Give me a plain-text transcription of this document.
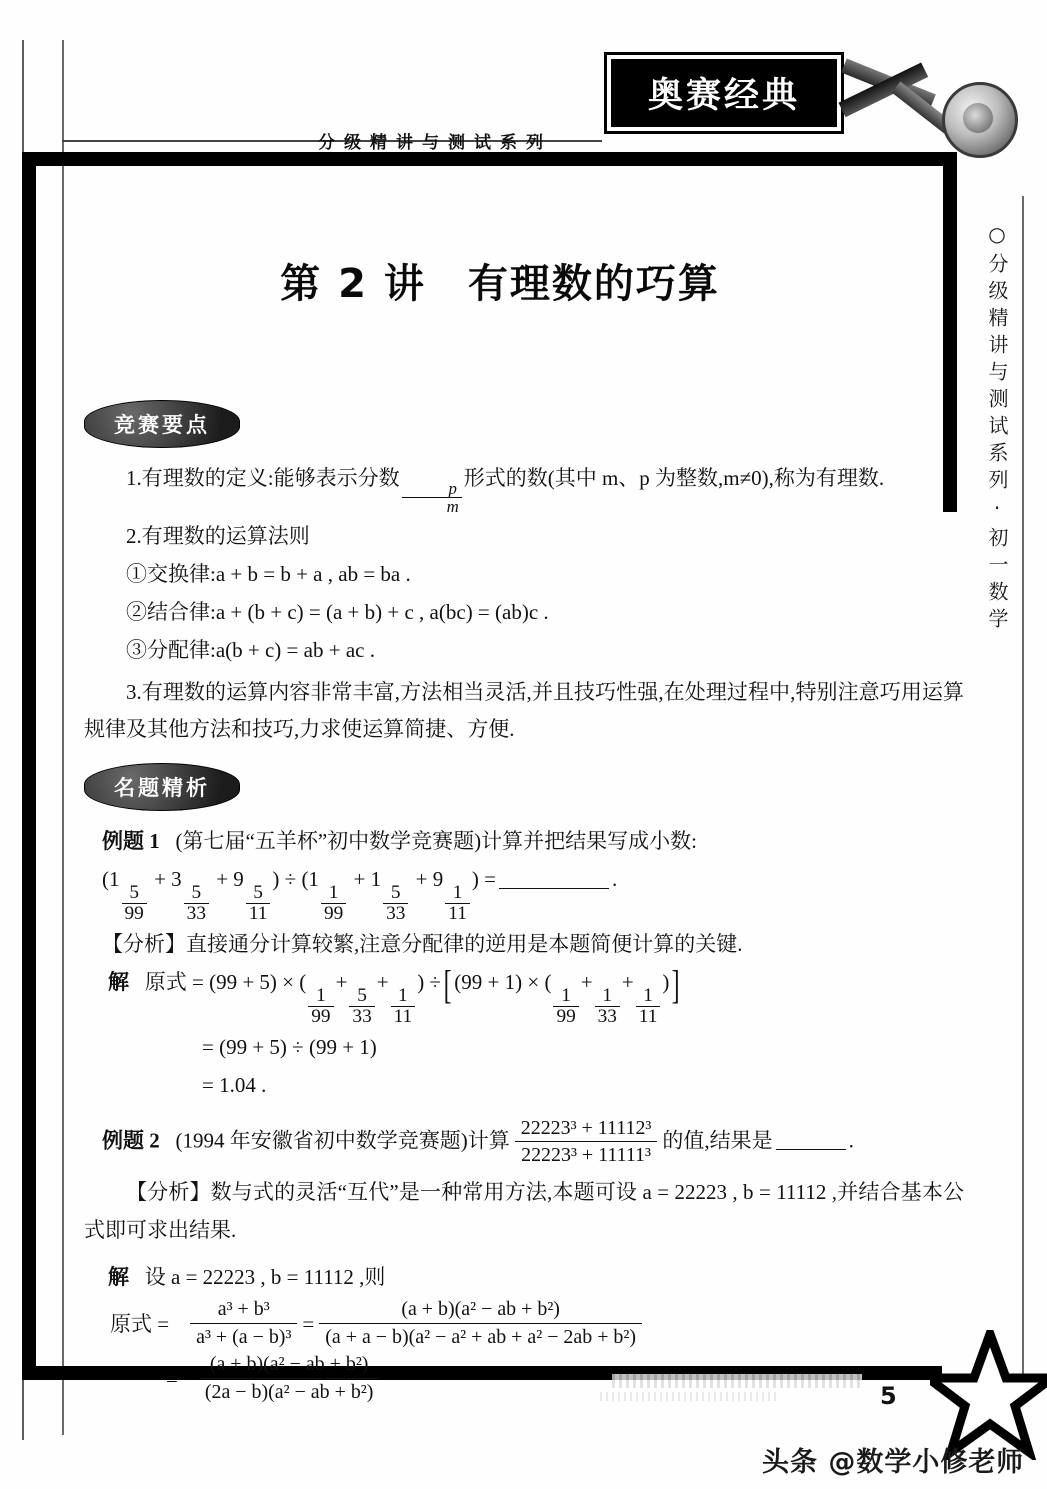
奥赛经典
分级精讲与测试系列
○分级精讲与测试系列·初一数学
第 2 讲　有理数的巧算
竞赛要点

1.有理数的定义:能够表示分数
$\frac{p}{m}$
形式的数(其中 m、p 为整数,m≠0),称为有理数.

2.有理数的运算法则

①交换律:a + b = b + a , ab = ba .

②结合律:a + (b + c) = (a + b) + c , a(bc) = (ab)c .

③分配律:a(b + c) = ab + ac .

3.有理数的运算内容非常丰富,方法相当灵活,并且技巧性强,在处理过程中,特别注意巧用运算规律及其他方法和技巧,力求使运算简捷、方便.

名题精析

例题 1 (第七届“五羊杯”初中数学竞赛题)计算并把结果写成小数:

(1
$\frac{5}{99}$
+ 3
$\frac{5}{33}$
+ 9
$\frac{5}{11}$
) ÷ (1
$\frac{1}{99}$
+ 1
$\frac{5}{33}$
+ 9
$\frac{1}{11}$
) =	.

【分析】直接通分计算较繁,注意分配律的逆用是本题简便计算的关键.

解 原式 = (99 + 5) × (
$\frac{1}{99}$
+
$\frac{5}{33}$
+
$\frac{1}{11}$
) ÷[ (99 + 1) × (
$\frac{1}{99}$
+
$\frac{1}{33}$
+
$\frac{1}{11}$
)]

= (99 + 5) ÷ (99 + 1)

= 1.04 .

例题 2 (1994 年安徽省初中数学竞赛题)计算 $\frac{\text{22223³ + 11112³}}{\text{22223³ + 11111³}}$ 的值,结果是	.

【分析】数与式的灵活“互代”是一种常用方法,本题可设 a = 22223 , b = 11112 ,并结合基本公式即可求出结果.

解 设 a = 22223 , b = 11112 ,则

原式 = $\frac{\text{a³ + b³}}{\text{a³ + (a − b)³}} = \frac{\text{(a + b)(a² − ab + b²)}}{\text{(a + a − b)(a² − a² + ab + a² − 2ab + b²)}}$

= $\frac{\text{(a + b)(a² − ab + b²)}}{\text{(2a − b)(a² − ab + b²)}}$	5
头条 @数学小修老师
